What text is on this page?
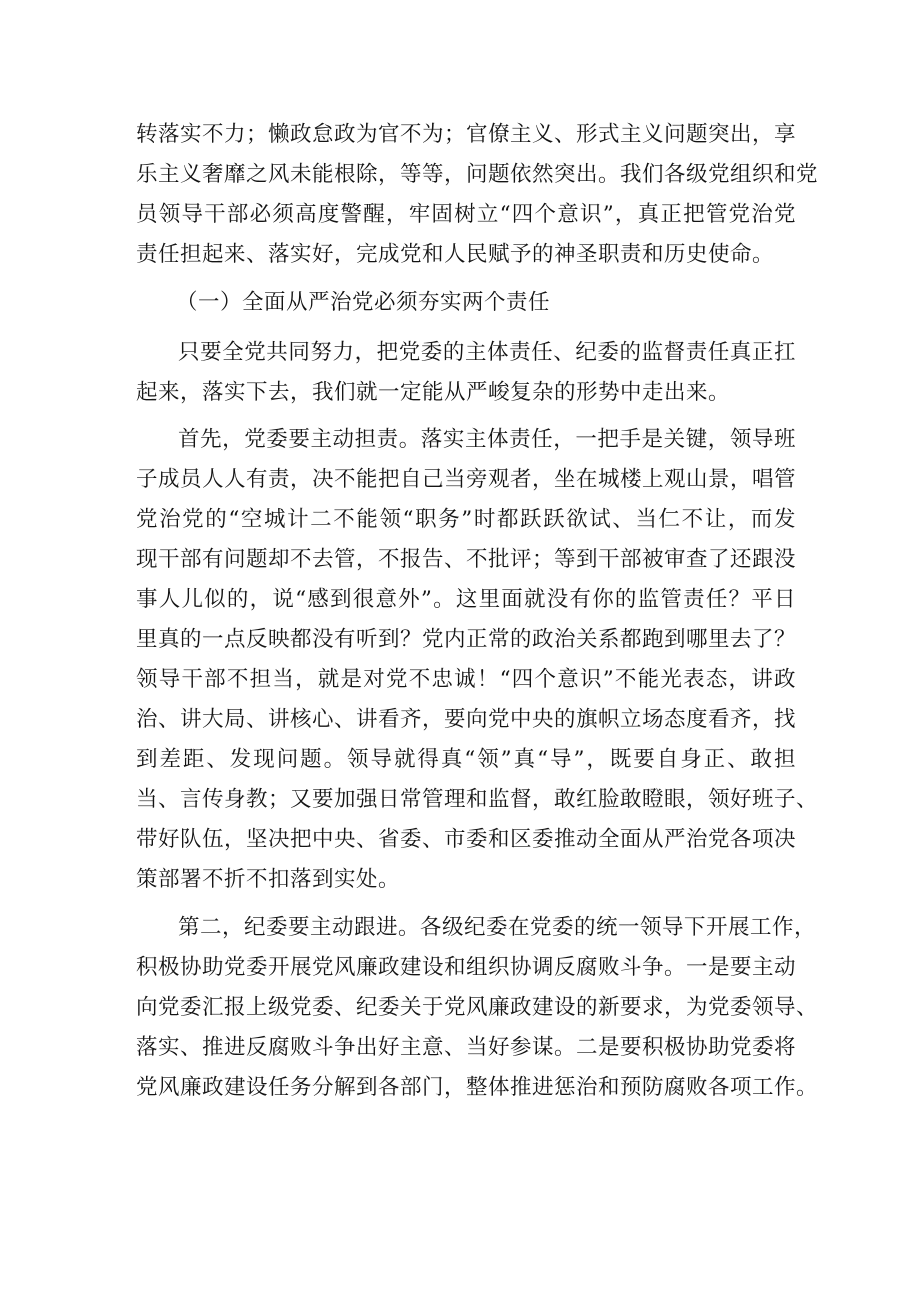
转落实不力；懒政怠政为官不为；官僚主义、形式主义问题突出，享
乐主义奢靡之风未能根除，等等，问题依然突出。我们各级党组织和党
员领导干部必须高度警醒，牢固树立“四个意识”，真正把管党治党
责任担起来、落实好，完成党和人民赋予的神圣职责和历史使命。
（一）全面从严治党必须夯实两个责任
只要全党共同努力，把党委的主体责任、纪委的监督责任真正扛
起来，落实下去，我们就一定能从严峻复杂的形势中走出来。
首先，党委要主动担责。落实主体责任，一把手是关键，领导班
子成员人人有责，决不能把自己当旁观者，坐在城楼上观山景，唱管
党治党的“空城计二不能领“职务”时都跃跃欲试、当仁不让，而发
现干部有问题却不去管，不报告、不批评；等到干部被审查了还跟没
事人儿似的，说“感到很意外”。这里面就没有你的监管责任？平日
里真的一点反映都没有听到？党内正常的政治关系都跑到哪里去了？
领导干部不担当，就是对党不忠诚！“四个意识”不能光表态，讲政
治、讲大局、讲核心、讲看齐，要向党中央的旗帜立场态度看齐，找
到差距、发现问题。领导就得真“领”真“导”，既要自身正、敢担
当、言传身教；又要加强日常管理和监督，敢红脸敢瞪眼，领好班子、
带好队伍，坚决把中央、省委、市委和区委推动全面从严治党各项决
策部署不折不扣落到实处。
第二，纪委要主动跟进。各级纪委在党委的统一领导下开展工作，
积极协助党委开展党风廉政建设和组织协调反腐败斗争。一是要主动
向党委汇报上级党委、纪委关于党风廉政建设的新要求，为党委领导、
落实、推进反腐败斗争出好主意、当好参谋。二是要积极协助党委将
党风廉政建设任务分解到各部门，整体推进惩治和预防腐败各项工作。
